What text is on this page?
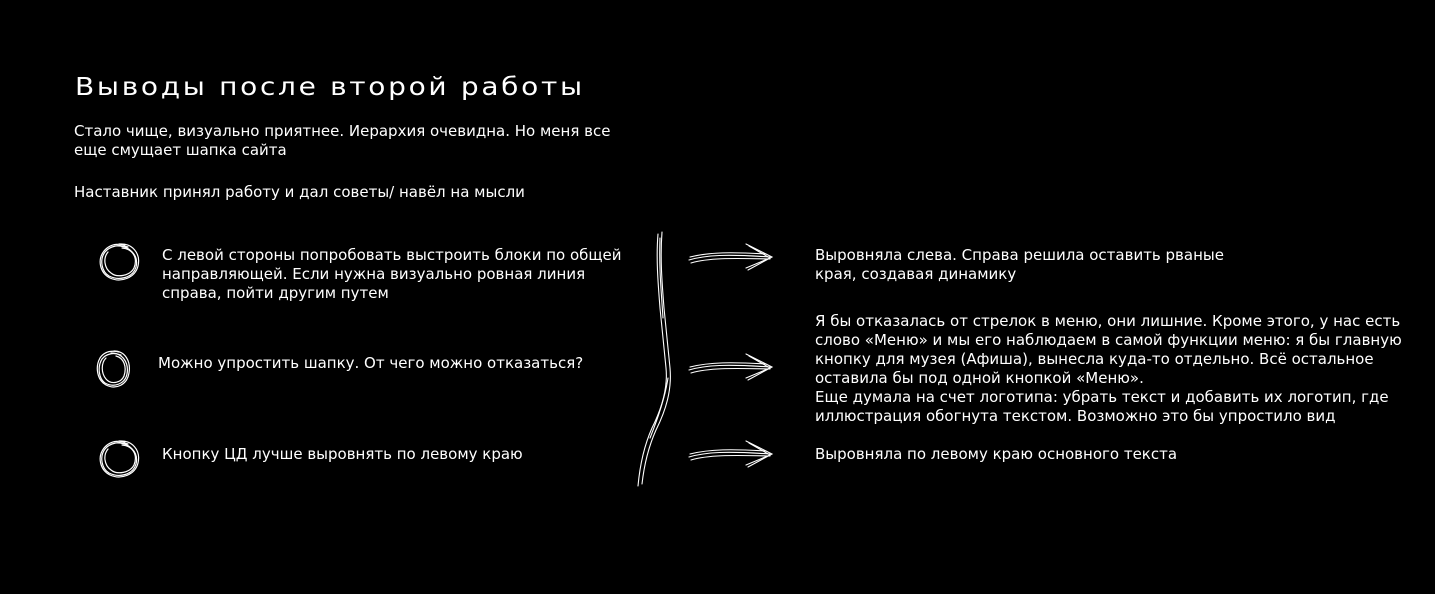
Выводы после второй работы
Стало чище, визуально приятнее. Иерархия очевидна. Но меня все
еще смущает шапка сайта
Наставник принял работу и дал советы/ навёл на мысли
С левой стороны попробовать выстроить блоки по общей
направляющей. Если нужна визуально ровная линия
справа, пойти другим путем
Можно упростить шапку. От чего можно отказаться?
Кнопку ЦД лучше выровнять по левому краю
Выровняла слева. Справа решила оставить рваные
края, создавая динамику
Я бы отказалась от стрелок в меню, они лишние. Кроме этого, у нас есть
слово «Меню» и мы его наблюдаем в самой функции меню: я бы главную
кнопку для музея (Афиша), вынесла куда-то отдельно. Всё остальное
оставила бы под одной кнопкой «Меню».
Еще думала на счет логотипа: убрать текст и добавить их логотип, где
иллюстрация обогнута текстом. Возможно это бы упростило вид
Выровняла по левому краю основного текста
